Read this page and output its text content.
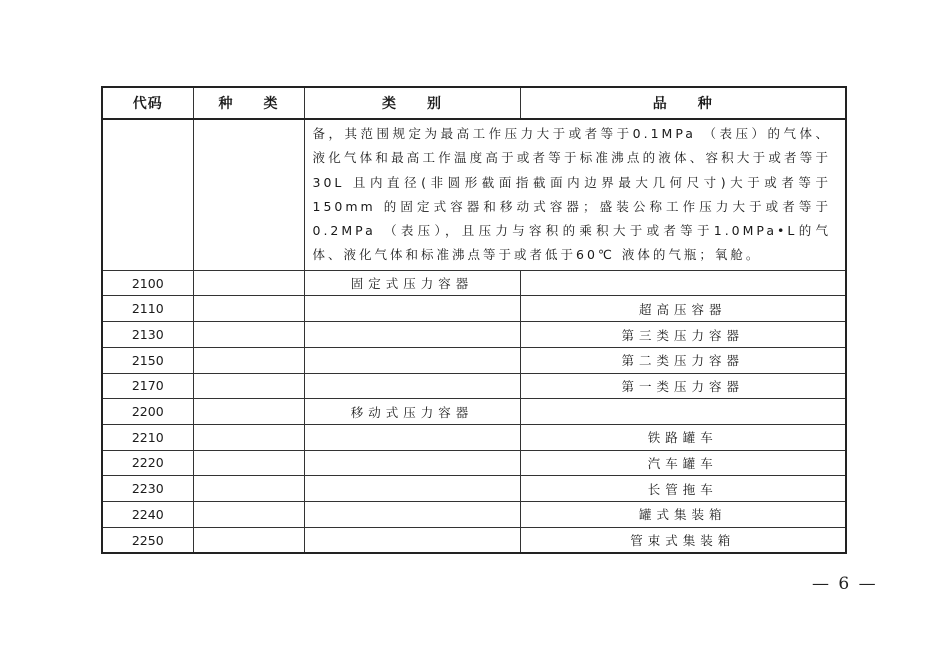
代码	种　　类	类　　别	品　　种
		备，其范围规定为最高工作压力大于或者等于0.1MPa （表压）的气体、液化气体和最高工作温度高于或者等于标准沸点的液体、容积大于或者等于30L 且内直径(非圆形截面指截面内边界最大几何尺寸)大于或者等于150mm 的固定式容器和移动式容器；盛装公称工作压力大于或者等于0.2MPa （表压），且压力与容积的乘积大于或者等于1.0MPa•L的气体、液化气体和标准沸点等于或者低于60℃ 液体的气瓶；氧舱。	
2100		固定式压力容器	
2110			超高压容器
2130			第三类压力容器
2150			第二类压力容器
2170			第一类压力容器
2200		移动式压力容器	
2210			铁路罐车
2220			汽车罐车
2230			长管拖车
2240			罐式集装箱
2250			管束式集装箱
— 6 —
